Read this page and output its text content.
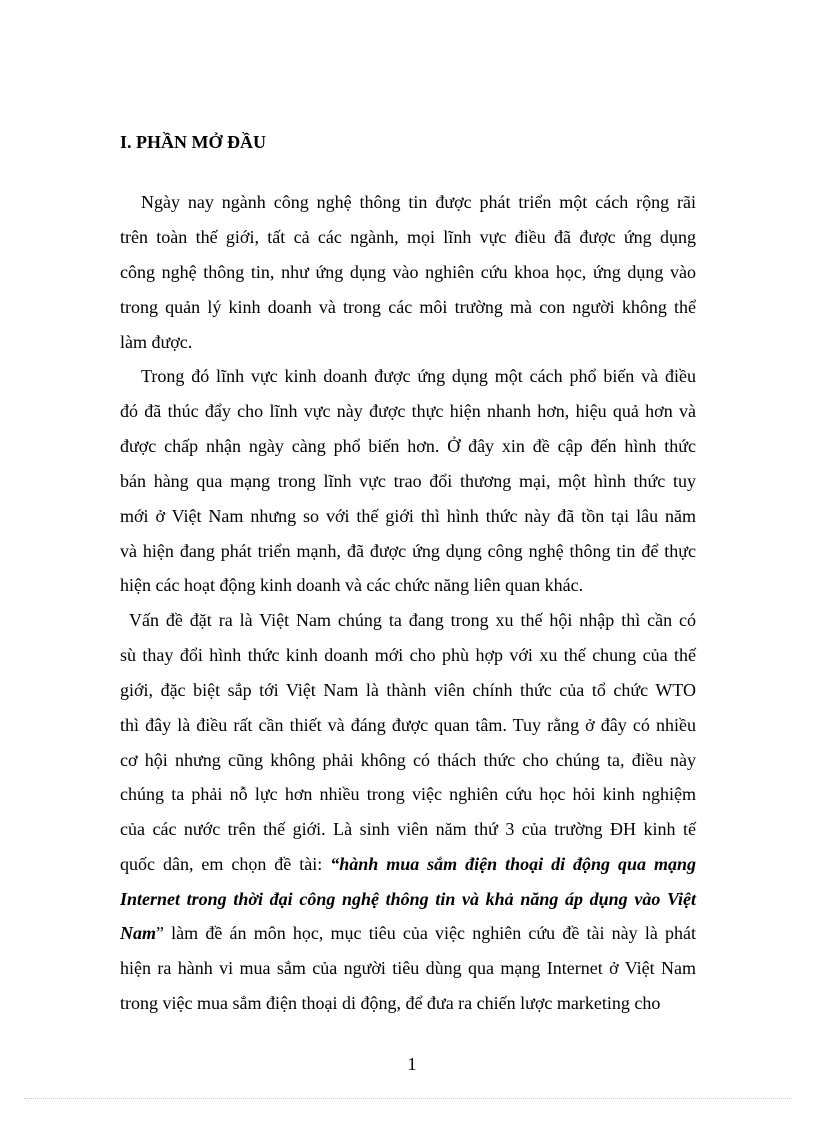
I. PHẦN MỞ ĐẦU
Ngày nay ngành công nghệ thông tin được phát triển một cách rộng rãi
trên toàn thế giới, tất cả các ngành, mọi lĩnh vực điều đã được ứng dụng
công nghệ thông tin, như ứng dụng vào nghiên cứu khoa học, ứng dụng vào
trong quản lý kinh doanh và trong các môi trường mà con người không thể
làm được.
Trong đó lĩnh vực kinh doanh được ứng dụng một cách phổ biến và điều
đó đã thúc đẩy cho lĩnh vực này được thực hiện nhanh hơn, hiệu quả hơn và
được chấp nhận ngày càng phổ biến hơn. Ở đây xin đề cập đến hình thức
bán hàng qua mạng trong lĩnh vực trao đổi thương mại, một hình thức tuy
mới ở Việt Nam nhưng so với thế giới thì hình thức này đã tồn tại lâu năm
và hiện đang phát triển mạnh, đã được ứng dụng công nghệ thông tin để thực
hiện các hoạt động kinh doanh và các chức năng liên quan khác.
Vấn đề đặt ra là Việt Nam chúng ta đang trong xu thế hội nhập thì cần có
sù thay đổi hình thức kinh doanh mới cho phù hợp với xu thế chung của thế
giới, đặc biệt sắp tới Việt Nam là thành viên chính thức của tổ chức WTO
thì đây là điều rất cần thiết và đáng được quan tâm. Tuy rằng ở đây có nhiều
cơ hội nhưng cũng không phải không có thách thức cho chúng ta, điều này
chúng ta phải nỗ lực hơn nhiều trong việc nghiên cứu học hỏi kinh nghiệm
của các nước trên thế giới. Là sinh viên năm thứ 3 của trường ĐH kinh tế
quốc dân, em chọn đề tài: “hành mua sắm điện thoại di động qua mạng
Internet trong thời đại công nghệ thông tin và khả năng áp dụng vào Việt
Nam” làm đề án môn học, mục tiêu của việc nghiên cứu đề tài này là phát
hiện ra hành vi mua sắm của người tiêu dùng qua mạng Internet ở Việt Nam
trong việc mua sắm điện thoại di động, để đưa ra chiến lược marketing cho
1
